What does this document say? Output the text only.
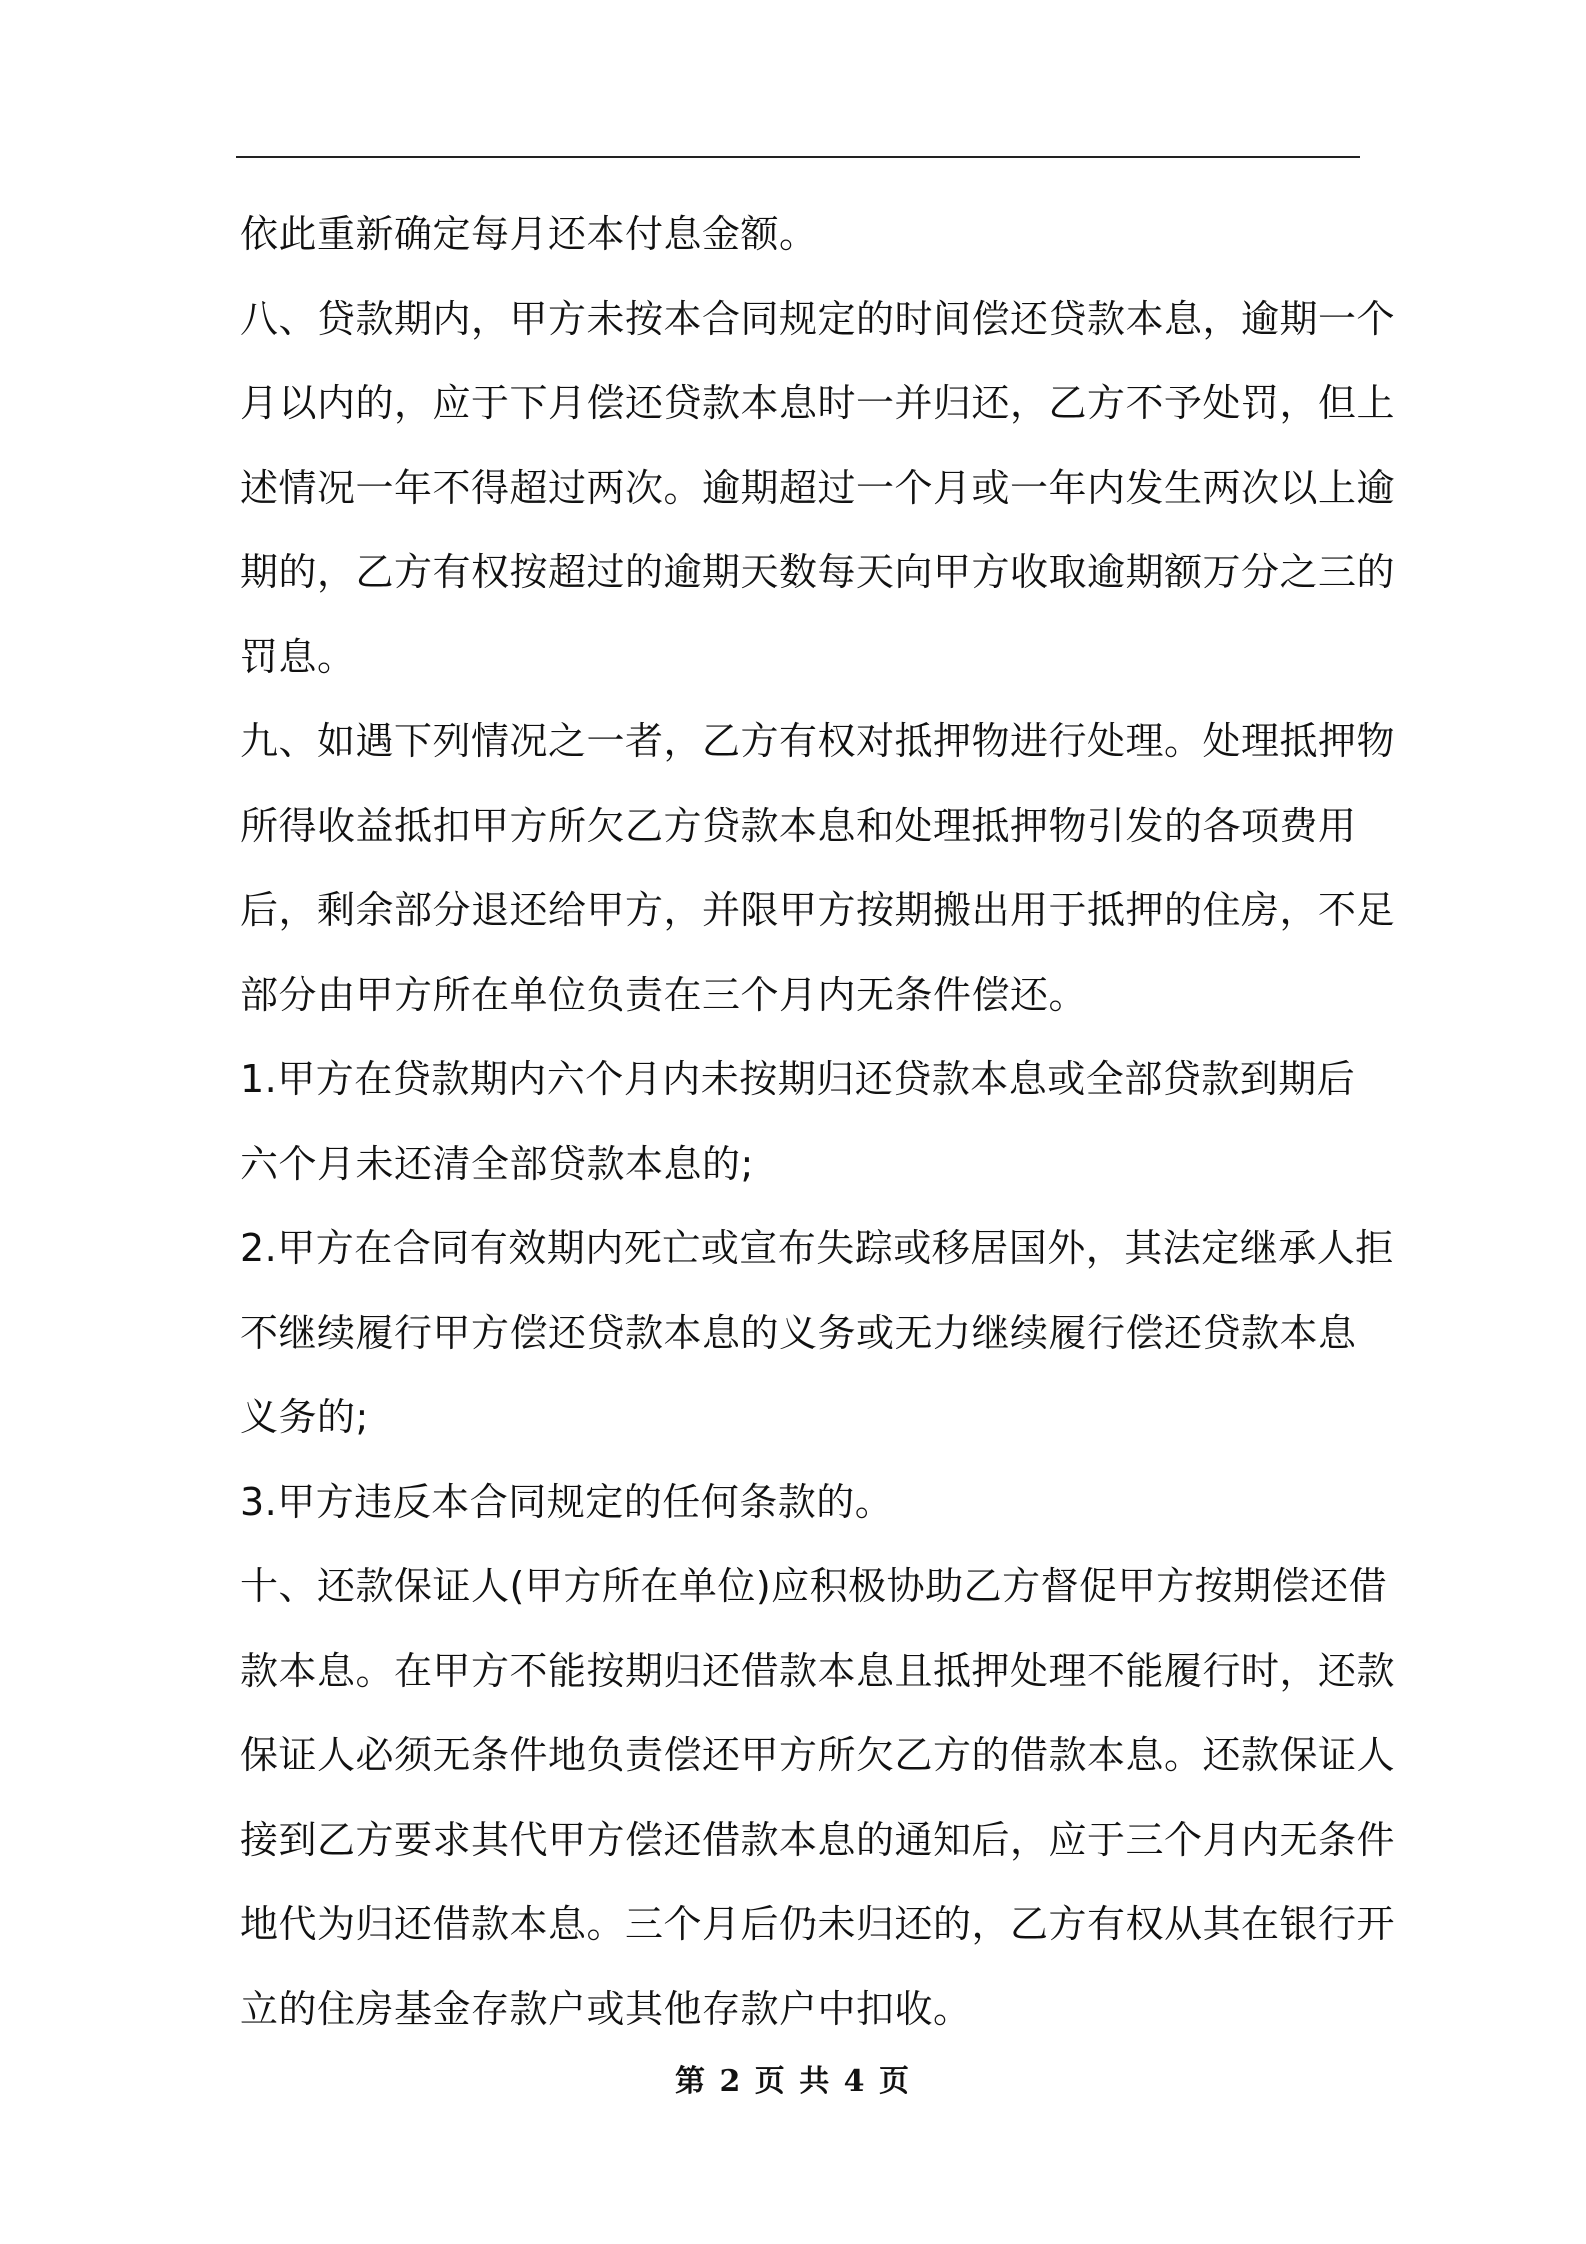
依此重新确定每月还本付息金额。
八、贷款期内，甲方未按本合同规定的时间偿还贷款本息，逾期一个
月以内的，应于下月偿还贷款本息时一并归还，乙方不予处罚，但上
述情况一年不得超过两次。逾期超过一个月或一年内发生两次以上逾
期的，乙方有权按超过的逾期天数每天向甲方收取逾期额万分之三的
罚息。
九、如遇下列情况之一者，乙方有权对抵押物进行处理。处理抵押物
所得收益抵扣甲方所欠乙方贷款本息和处理抵押物引发的各项费用
后，剩余部分退还给甲方，并限甲方按期搬出用于抵押的住房，不足
部分由甲方所在单位负责在三个月内无条件偿还。
1.甲方在贷款期内六个月内未按期归还贷款本息或全部贷款到期后
六个月未还清全部贷款本息的;
2.甲方在合同有效期内死亡或宣布失踪或移居国外，其法定继承人拒
不继续履行甲方偿还贷款本息的义务或无力继续履行偿还贷款本息
义务的;
3.甲方违反本合同规定的任何条款的。
十、还款保证人(甲方所在单位)应积极协助乙方督促甲方按期偿还借
款本息。在甲方不能按期归还借款本息且抵押处理不能履行时，还款
保证人必须无条件地负责偿还甲方所欠乙方的借款本息。还款保证人
接到乙方要求其代甲方偿还借款本息的通知后，应于三个月内无条件
地代为归还借款本息。三个月后仍未归还的，乙方有权从其在银行开
立的住房基金存款户或其他存款户中扣收。
第 2 页 共 4 页
